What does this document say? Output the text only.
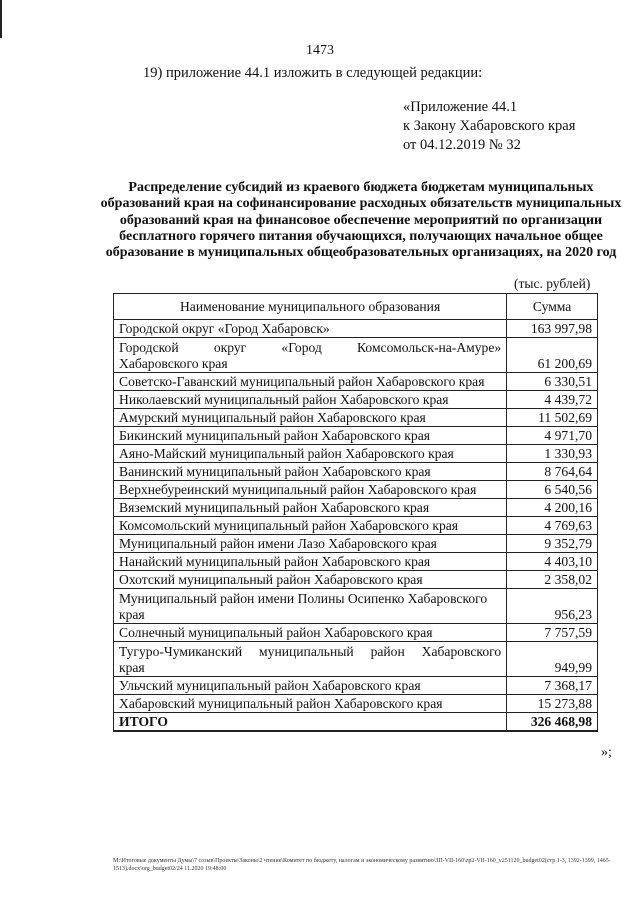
1473
19) приложение 44.1 изложить в следующей редакции:
«Приложение 44.1
к Закону Хабаровского края
от 04.12.2019 № 32
Распределение субсидий из краевого бюджета бюджетам муниципальных образований края на софинансирование расходных обязательств муниципальных образований края на финансовое обеспечение мероприятий по организации бесплатного горячего питания обучающихся, получающих начальное общее образование в муниципальных общеобразовательных организациях, на 2020 год
(тыс. рублей)
Наименование муниципального образования	Сумма
Городской округ «Город Хабаровск»	163 997,98

Городской округ «Город Комсомольск-на-Амуре»
Хабаровского края	61 200,69
Советско-Гаванский муниципальный район Хабаровского края	6 330,51
Николаевский муниципальный район Хабаровского края	4 439,72
Амурский муниципальный район Хабаровского края	11 502,69
Бикинский муниципальный район Хабаровского края	4 971,70
Аяно-Майский муниципальный район Хабаровского края	1 330,93
Ванинский муниципальный район Хабаровского края	8 764,64
Верхнебуреинский муниципальный район Хабаровского края	6 540,56
Вяземский муниципальный район Хабаровского края	4 200,16
Комсомольский муниципальный район Хабаровского края	4 769,63
Муниципальный район имени Лазо Хабаровского края	9 352,79
Нанайский муниципальный район Хабаровского края	4 403,10
Охотский муниципальный район Хабаровского края	2 358,02

Муниципальный район имени Полины Осипенко Хабаровского
края	956,23
Солнечный муниципальный район Хабаровского края	7 757,59

Тугуро-Чумиканский муниципальный район Хабаровского
края	949,99
Ульчский муниципальный район Хабаровского края	7 368,17
Хабаровский муниципальный район Хабаровского края	15 273,88
ИТОГО	326 468,98
»;
M:\Итоговые документы Думы\7 созыв\Проекты\Законы\2 чтение\Комитет по бюджету, налогам и экономическому развитию\ЗП-VII-160\zp2-VII-160_v251120_budget02(стр 1-3, 1392-1399, 1465-1513).docx\org_budget02/24 11.2020 19:48:00
